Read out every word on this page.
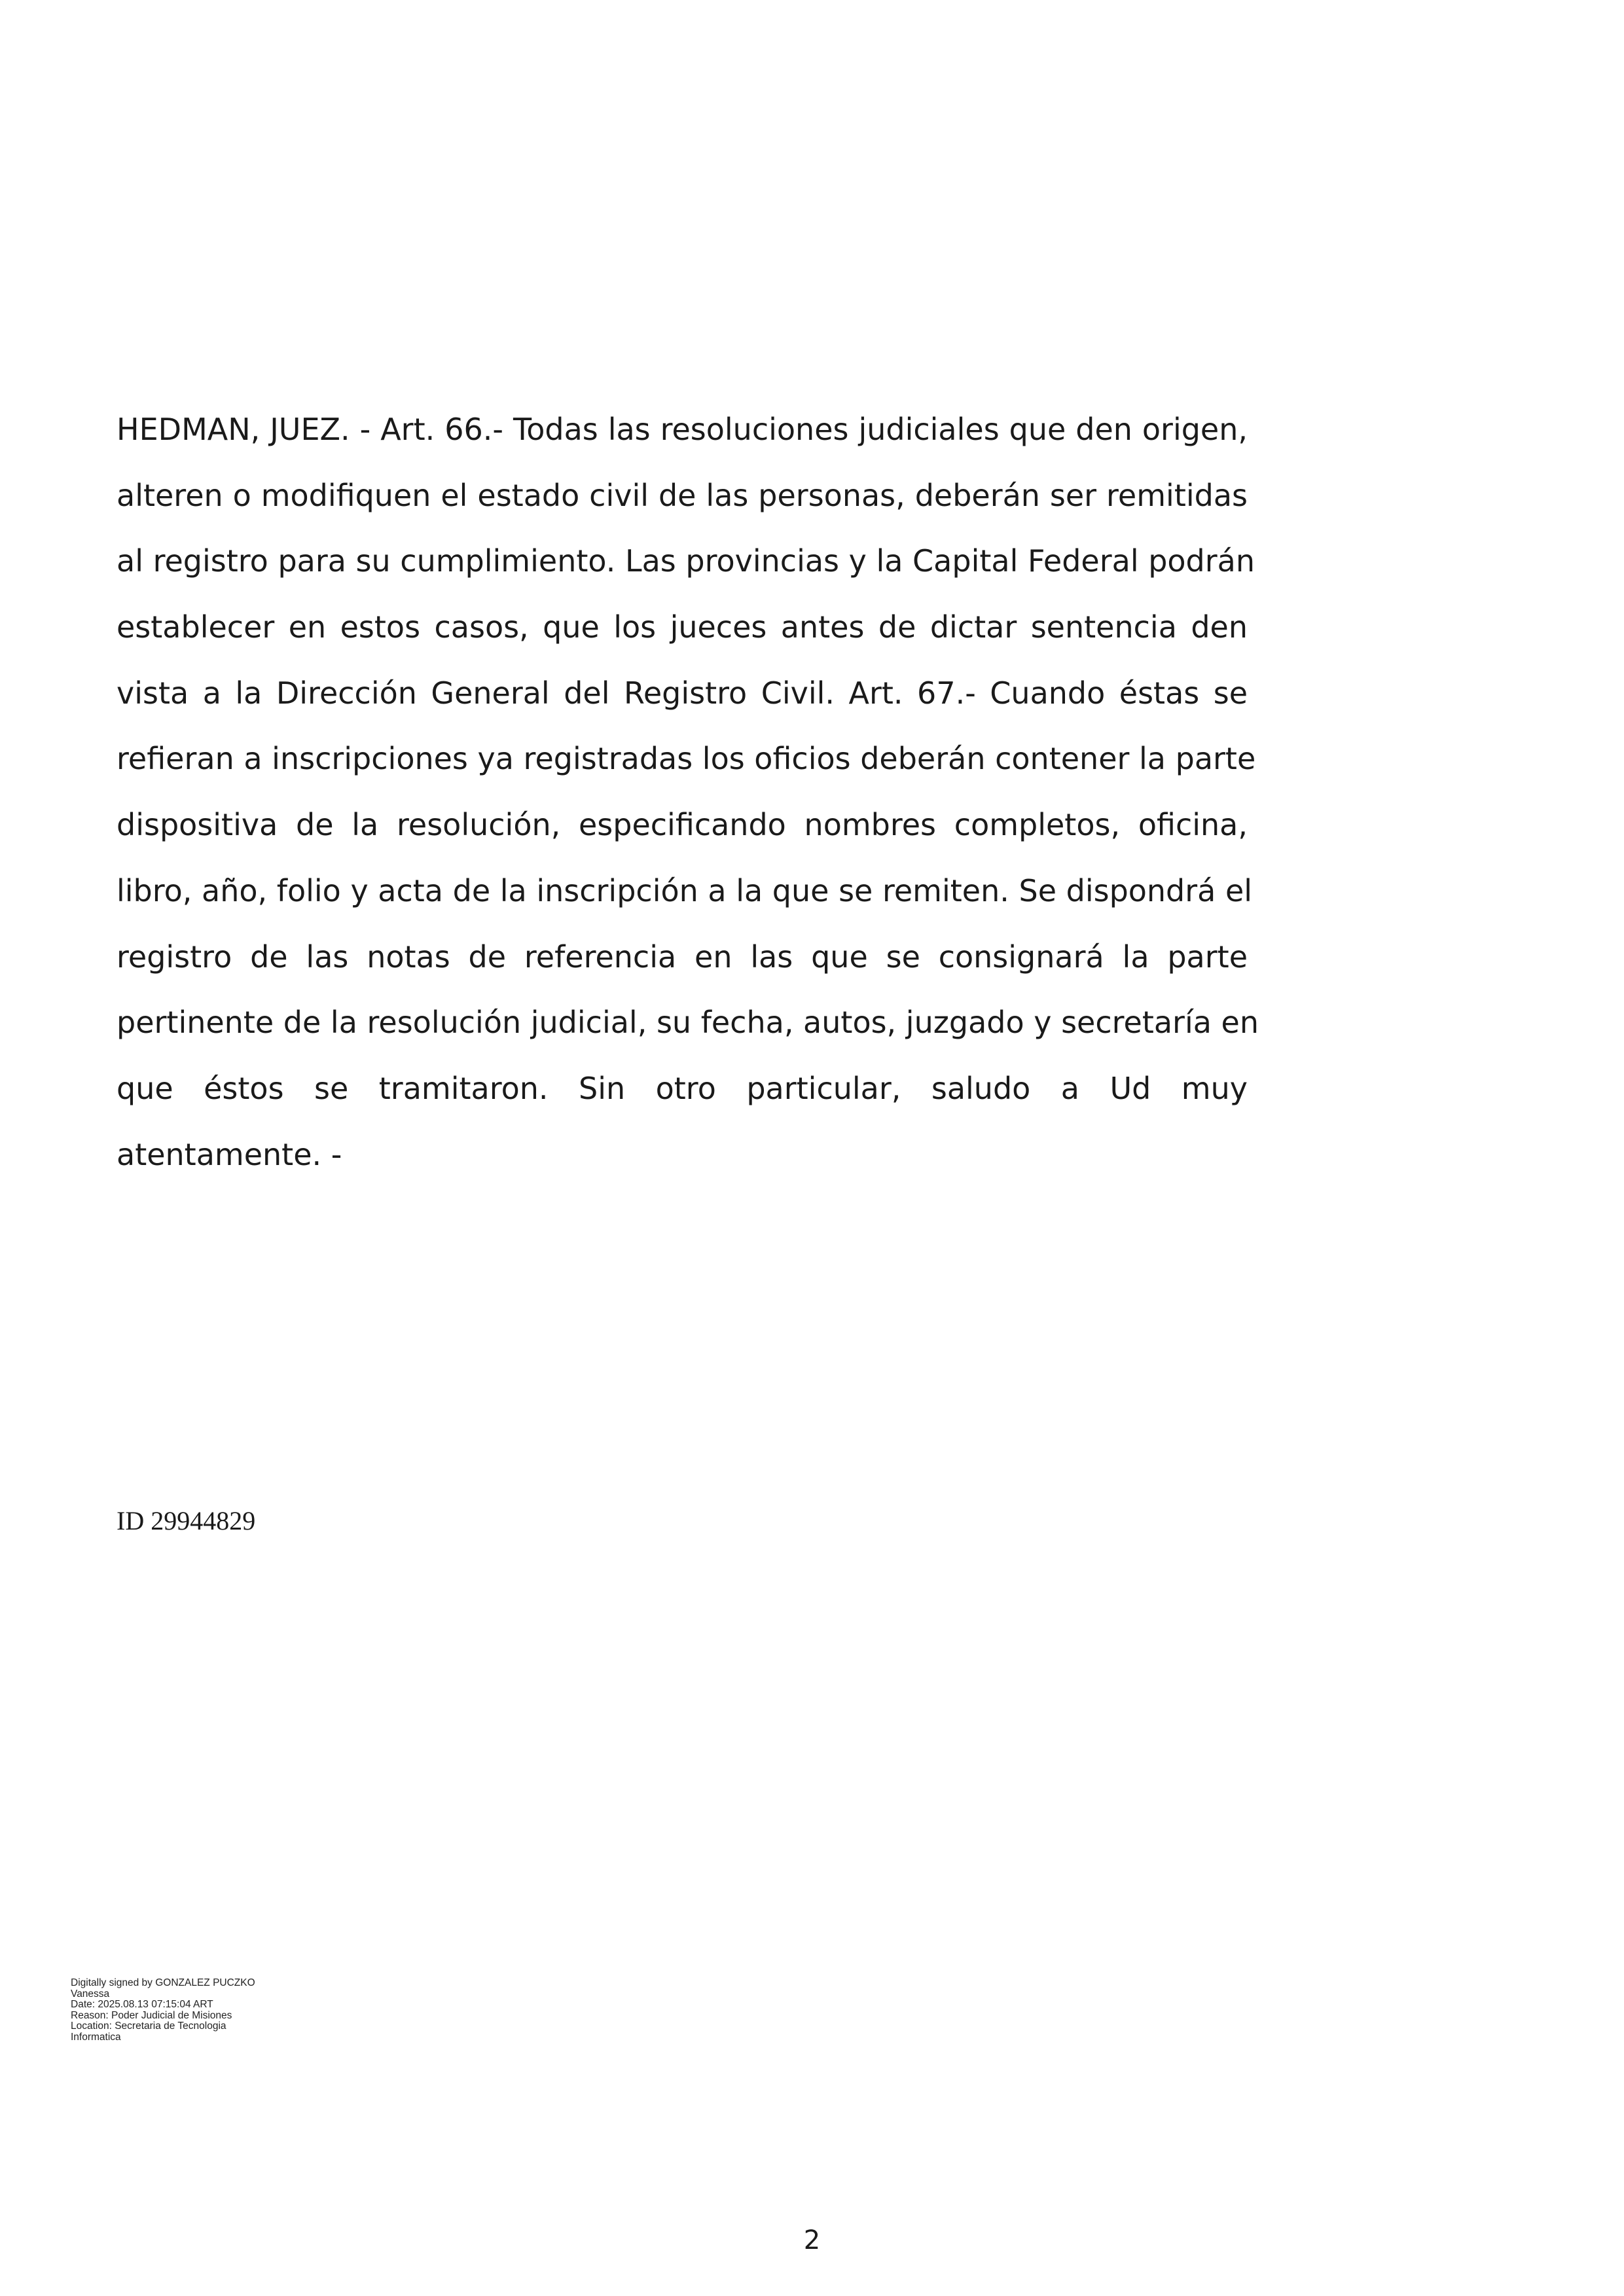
HEDMAN, JUEZ. - Art. 66.- Todas las resoluciones judiciales que den origen,
alteren o modifiquen el estado civil de las personas, deberán ser remitidas
al registro para su cumplimiento. Las provincias y la Capital Federal podrán
establecer en estos casos, que los jueces antes de dictar sentencia den
vista a la Dirección General del Registro Civil. Art. 67.- Cuando éstas se
refieran a inscripciones ya registradas los oficios deberán contener la parte
dispositiva de la resolución, especificando nombres completos, oficina,
libro, año, folio y acta de la inscripción a la que se remiten. Se dispondrá el
registro de las notas de referencia en las que se consignará la parte
pertinente de la resolución judicial, su fecha, autos, juzgado y secretaría en
que éstos se tramitaron. Sin otro particular, saludo a Ud muy
atentamente. -
ID 29944829
Digitally signed by GONZALEZ PUCZKO
Vanessa
Date: 2025.08.13 07:15:04 ART
Reason: Poder Judicial de Misiones
Location: Secretaria de Tecnologia
Informatica
2
